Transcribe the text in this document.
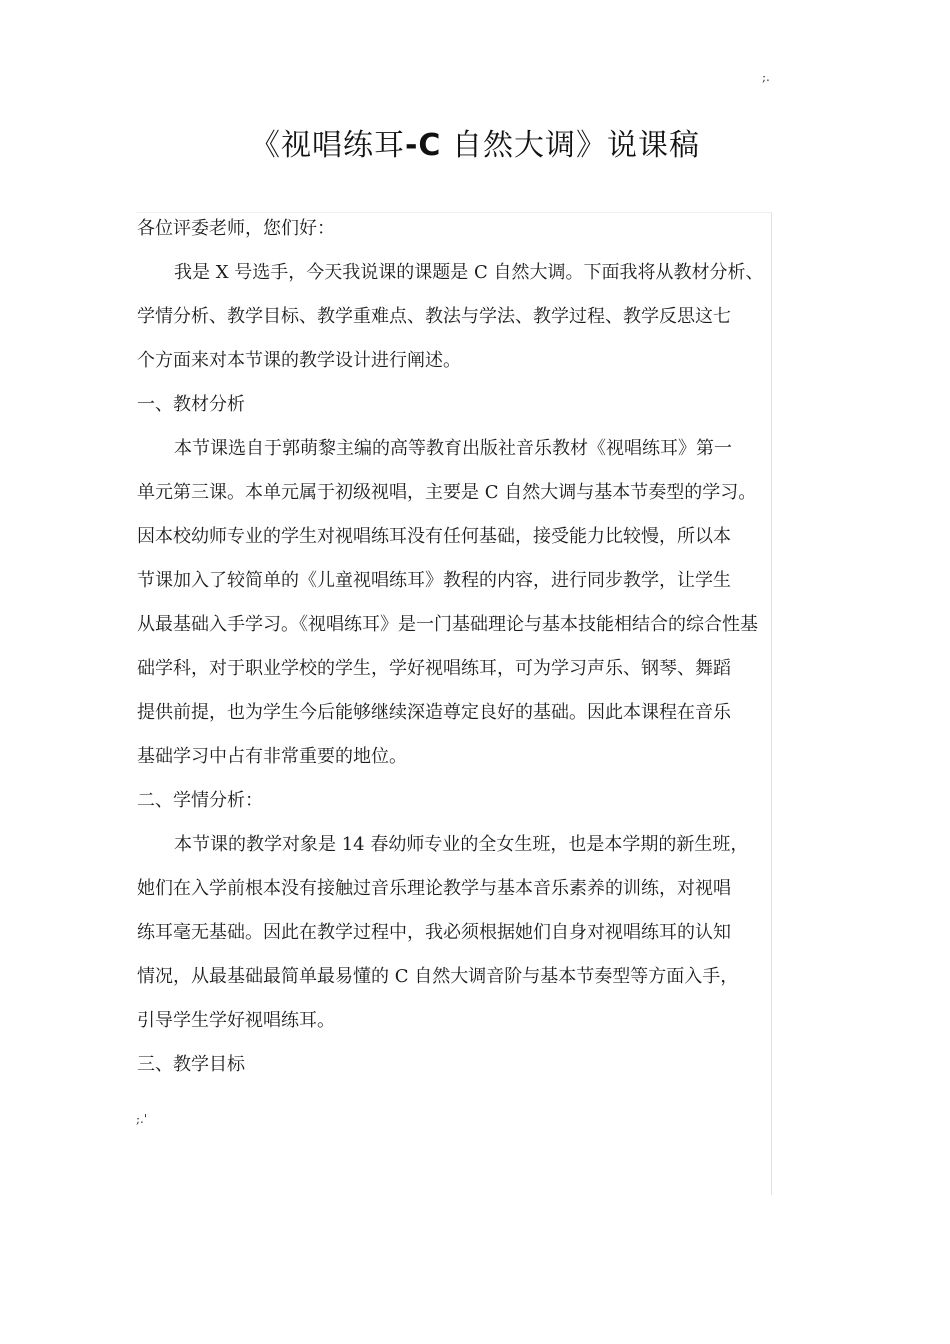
;.
《视唱练耳-C 自然大调》说课稿
各位评委老师，您们好：
我是 X 号选手，今天我说课的课题是 C 自然大调。下面我将从教材分析、
学情分析、教学目标、教学重难点、教法与学法、教学过程、教学反思这七
个方面来对本节课的教学设计进行阐述。
一、教材分析
本节课选自于郭萌黎主编的高等教育出版社音乐教材《视唱练耳》第一
单元第三课。本单元属于初级视唱，主要是 C 自然大调与基本节奏型的学习。
因本校幼师专业的学生对视唱练耳没有任何基础，接受能力比较慢，所以本
节课加入了较简单的《儿童视唱练耳》教程的内容，进行同步教学，让学生
从最基础入手学习。《视唱练耳》是一门基础理论与基本技能相结合的综合性基
础学科，对于职业学校的学生，学好视唱练耳，可为学习声乐、钢琴、舞蹈
提供前提，也为学生今后能够继续深造尊定良好的基础。因此本课程在音乐
基础学习中占有非常重要的地位。
二、学情分析：
本节课的教学对象是 14 春幼师专业的全女生班，也是本学期的新生班，
她们在入学前根本没有接触过音乐理论教学与基本音乐素养的训练，对视唱
练耳毫无基础。因此在教学过程中，我必须根据她们自身对视唱练耳的认知
情况，从最基础最简单最易懂的 C 自然大调音阶与基本节奏型等方面入手，
引导学生学好视唱练耳。
三、教学目标
;.'
